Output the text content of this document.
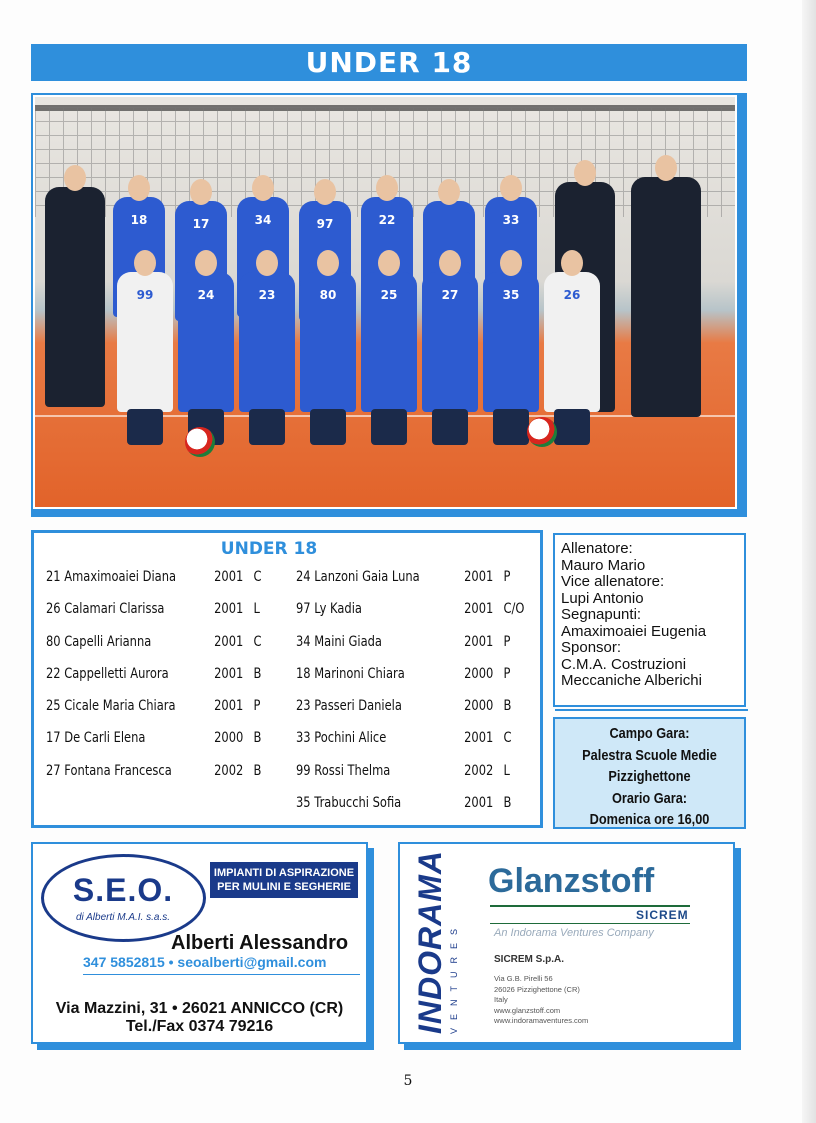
UNDER 18
18	17	34	97	22	33
99	24	23	80	25	27	35	26
UNDER 18
21 Amaximoaiei Diana	2001 C
26 Calamari Clarissa	2001 L
80 Capelli Arianna	2001 C
22 Cappelletti Aurora	2001 B
25 Cicale Maria Chiara	2001 P
17 De Carli Elena	2000 B
27 Fontana Francesca	2002 B
24 Lanzoni Gaia Luna	2001 P
97 Ly Kadia	2001 C/O
34 Maini Giada	2001 P
18 Marinoni Chiara	2000 P
23 Passeri Daniela	2000 B
33 Pochini Alice	2001 C
99 Rossi Thelma	2002 L
35 Trabucchi Sofia	2001 B

Allenatore:

Mauro Mario

Vice allenatore:

Lupi Antonio

Segnapunti:

Amaximoaiei Eugenia

Sponsor:

C.M.A. Costruzioni

Meccaniche Alberichi

Campo Gara:

Palestra Scuole Medie

Pizzighettone

Orario Gara:

Domenica ore 16,00

S.E.O.
di Alberti M.A.I. s.a.s.
IMPIANTI DI ASPIRAZIONE PER MULINI E SEGHERIE
Alberti Alessandro
347 5852815 • seoalberti@gmail.com
Via Mazzini, 31 • 26021 ANNICCO (CR)
Tel./Fax 0374 79216	INDORAMA VENTURES
Glanzstoff
SICREM
An Indorama Ventures Company
SICREM S.p.A.
Via G.B. Pirelli 56
26026 Pizzighettone (CR)
Italy
www.glanzstoff.com
www.indoramaventures.com
5
